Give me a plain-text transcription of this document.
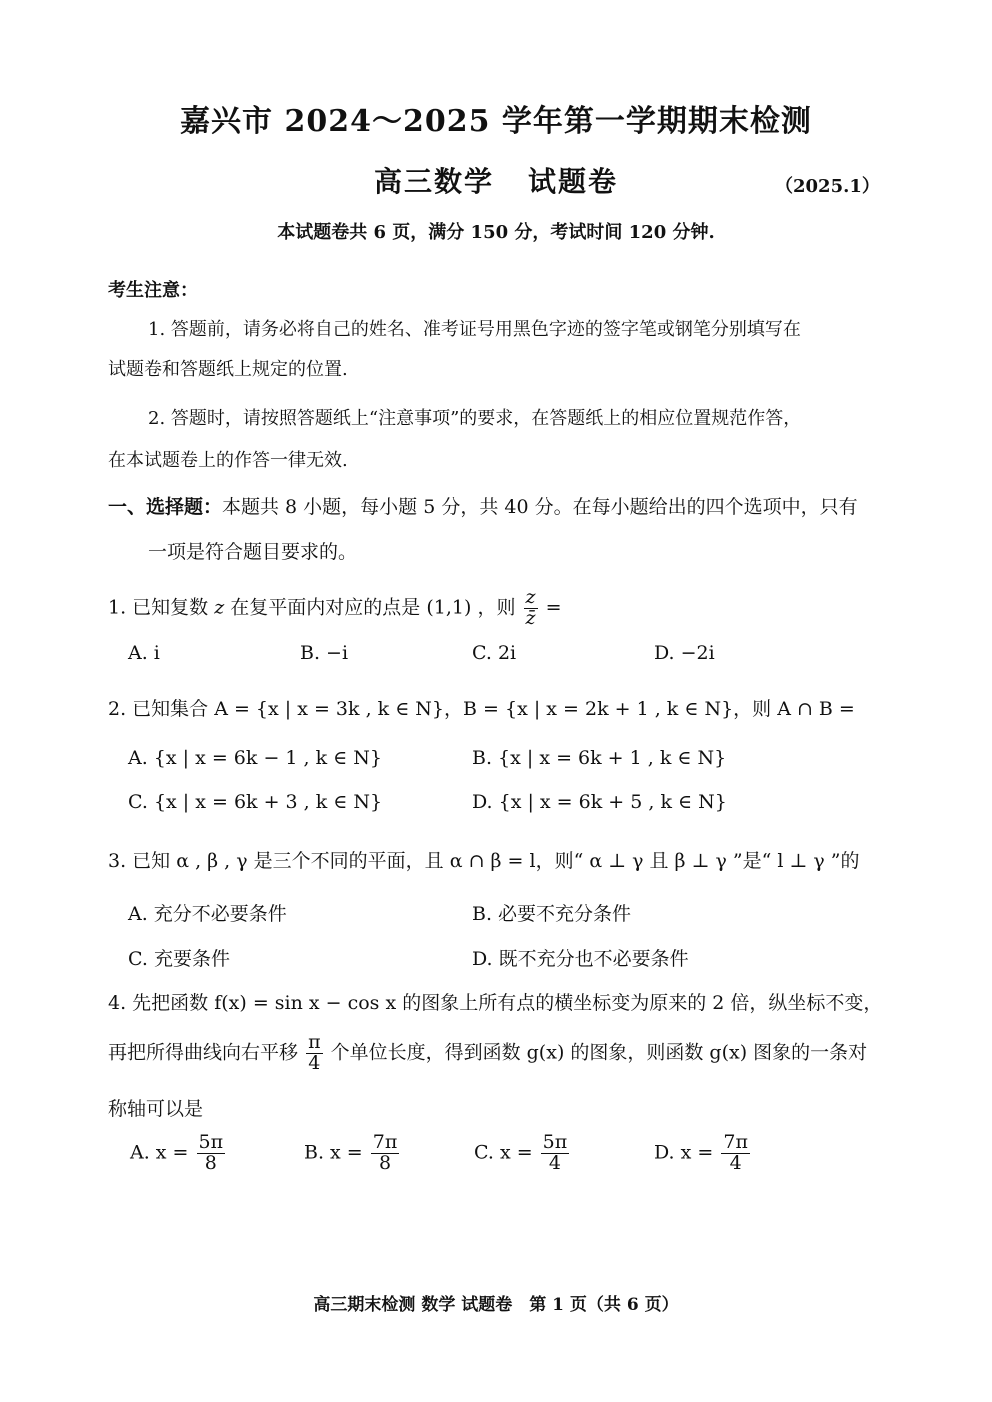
嘉兴市 2024～2025 学年第一学期期末检测
高三数学 试题卷	（2025.1）
本试题卷共 6 页，满分 150 分，考试时间 120 分钟.
考生注意：
1. 答题前，请务必将自己的姓名、准考证号用黑色字迹的签字笔或钢笔分别填写在
试题卷和答题纸上规定的位置.
2. 答题时，请按照答题纸上“注意事项”的要求，在答题纸上的相应位置规范作答，
在本试题卷上的作答一律无效.
一、选择题：本题共 8 小题，每小题 5 分，共 40 分。在每小题给出的四个选项中，只有
一项是符合题目要求的。
1. 已知复数 z 在复平面内对应的点是 (1,1) ，则 $\frac{z}{z̄}$ =
A. i	B. −i	C. 2i	D. −2i
2. 已知集合 A = {x | x = 3k , k ∈ N}，B = {x | x = 2k + 1 , k ∈ N}，则 A ∩ B =
A. {x | x = 6k − 1 , k ∈ N}	B. {x | x = 6k + 1 , k ∈ N}
C. {x | x = 6k + 3 , k ∈ N}	D. {x | x = 6k + 5 , k ∈ N}
3. 已知 α , β , γ 是三个不同的平面，且 α ∩ β = l，则“ α ⊥ γ 且 β ⊥ γ ”是“ l ⊥ γ ”的
A. 充分不必要条件	B. 必要不充分条件
C. 充要条件	D. 既不充分也不必要条件
4. 先把函数 f(x) = sin x − cos x 的图象上所有点的横坐标变为原来的 2 倍，纵坐标不变，
再把所得曲线向右平移 $\frac{\pi}{4}$ 个单位长度，得到函数 g(x) 的图象，则函数 g(x) 图象的一条对
称轴可以是
A. $x = \frac{5\pi}{8}$	B. $x = \frac{7\pi}{8}$	C. $x = \frac{5\pi}{4}$	D. $x = \frac{7\pi}{4}$
高三期末检测 数学 试题卷　第 1 页（共 6 页）
